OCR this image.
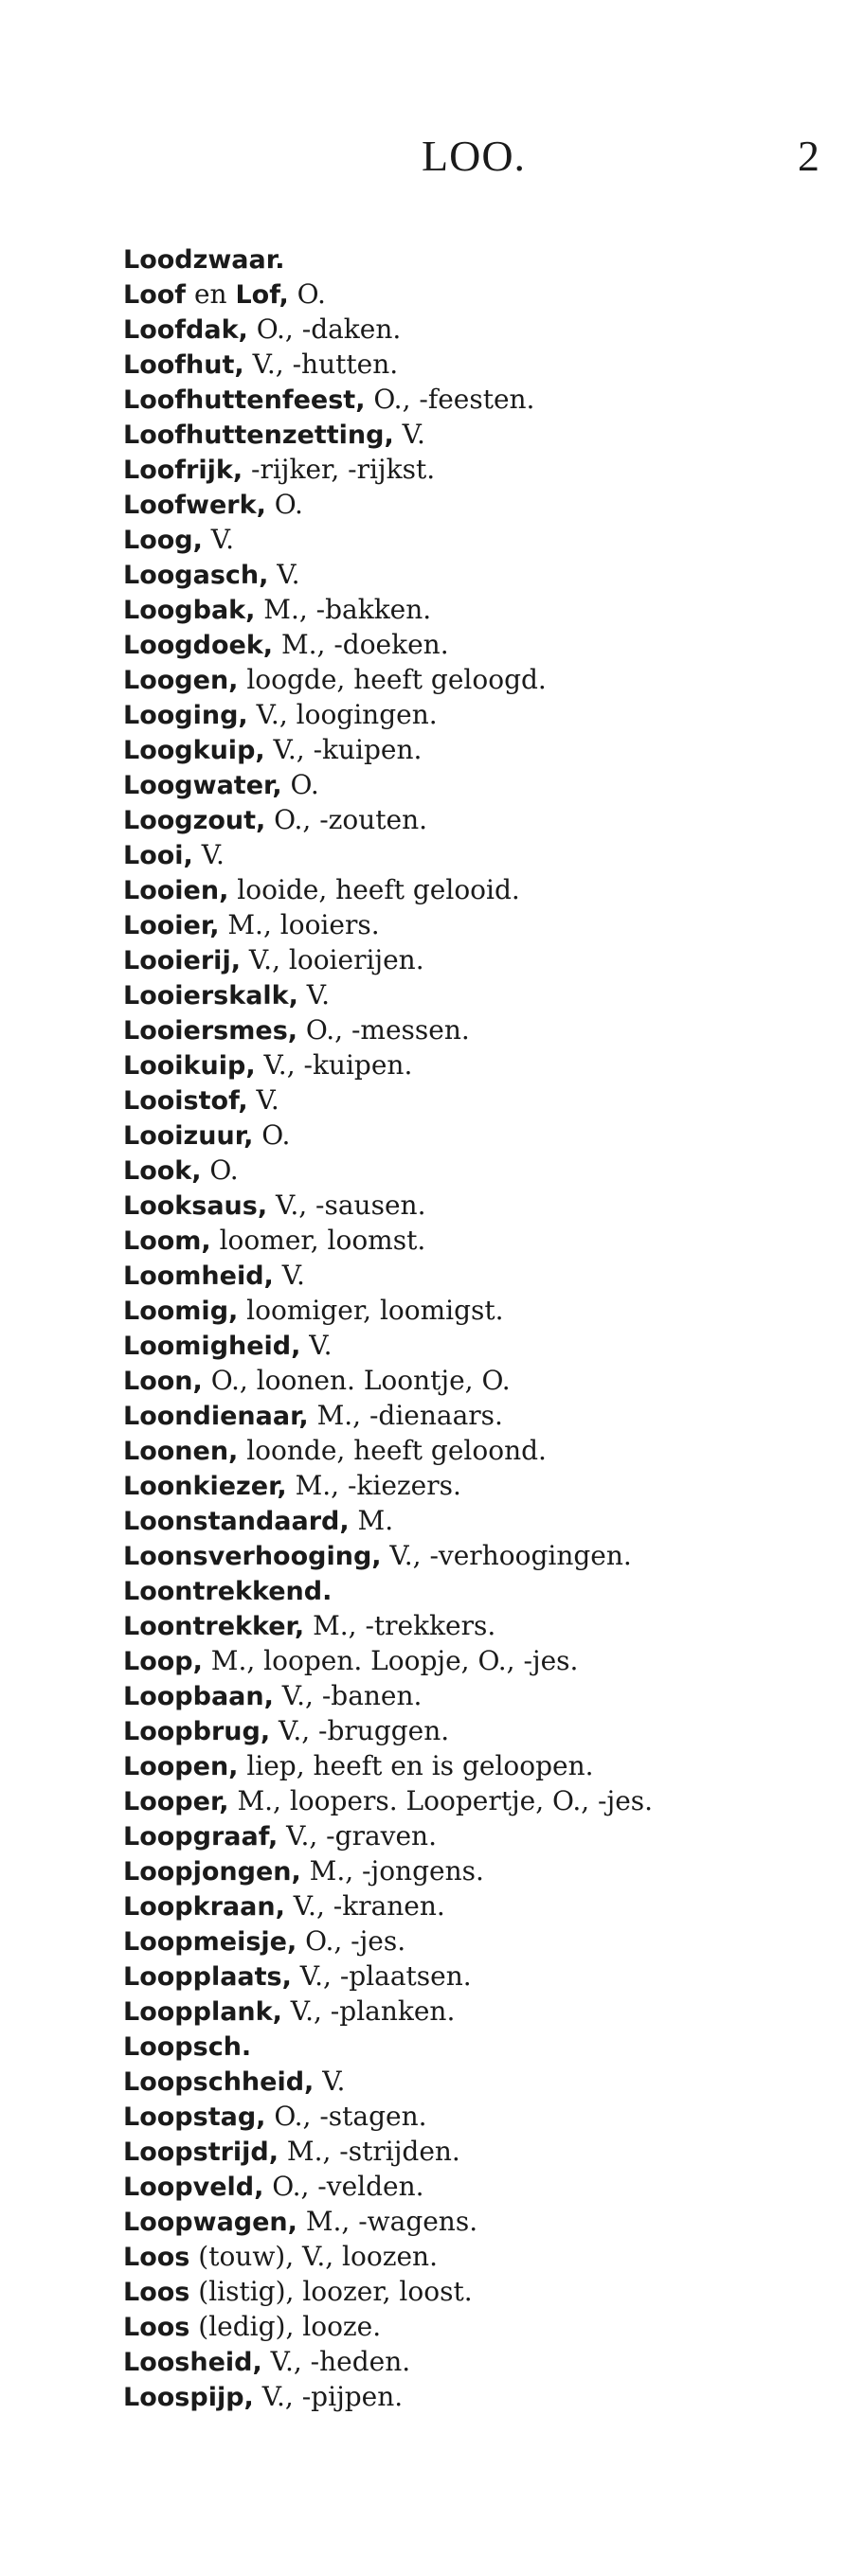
LOO.	2
Loodzwaar.
Loof en Lof, O.
Loofdak, O., -daken.
Loofhut, V., -hutten.
Loofhuttenfeest, O., -feesten.
Loofhuttenzetting, V.
Loofrijk, -rijker, -rijkst.
Loofwerk, O.
Loog, V.
Loogasch, V.
Loogbak, M., -bakken.
Loogdoek, M., -doeken.
Loogen, loogde, heeft geloogd.
Looging, V., loogingen.
Loogkuip, V., -kuipen.
Loogwater, O.
Loogzout, O., -zouten.
Looi, V.
Looien, looide, heeft gelooid.
Looier, M., looiers.
Looierij, V., looierijen.
Looierskalk, V.
Looiersmes, O., -messen.
Looikuip, V., -kuipen.
Looistof, V.
Looizuur, O.
Look, O.
Looksaus, V., -sausen.
Loom, loomer, loomst.
Loomheid, V.
Loomig, loomiger, loomigst.
Loomigheid, V.
Loon, O., loonen. Loontje, O.
Loondienaar, M., -dienaars.
Loonen, loonde, heeft geloond.
Loonkiezer, M., -kiezers.
Loonstandaard, M.
Loonsverhooging, V., -verhoogingen.
Loontrekkend.
Loontrekker, M., -trekkers.
Loop, M., loopen. Loopje, O., -jes.
Loopbaan, V., -banen.
Loopbrug, V., -bruggen.
Loopen, liep, heeft en is geloopen.
Looper, M., loopers. Loopertje, O., -jes.
Loopgraaf, V., -graven.
Loopjongen, M., -jongens.
Loopkraan, V., -kranen.
Loopmeisje, O., -jes.
Loopplaats, V., -plaatsen.
Loopplank, V., -planken.
Loopsch.
Loopschheid, V.
Loopstag, O., -stagen.
Loopstrijd, M., -strijden.
Loopveld, O., -velden.
Loopwagen, M., -wagens.
Loos (touw), V., loozen.
Loos (listig), loozer, loost.
Loos (ledig), looze.
Loosheid, V., -heden.
Loospijp, V., -pijpen.
